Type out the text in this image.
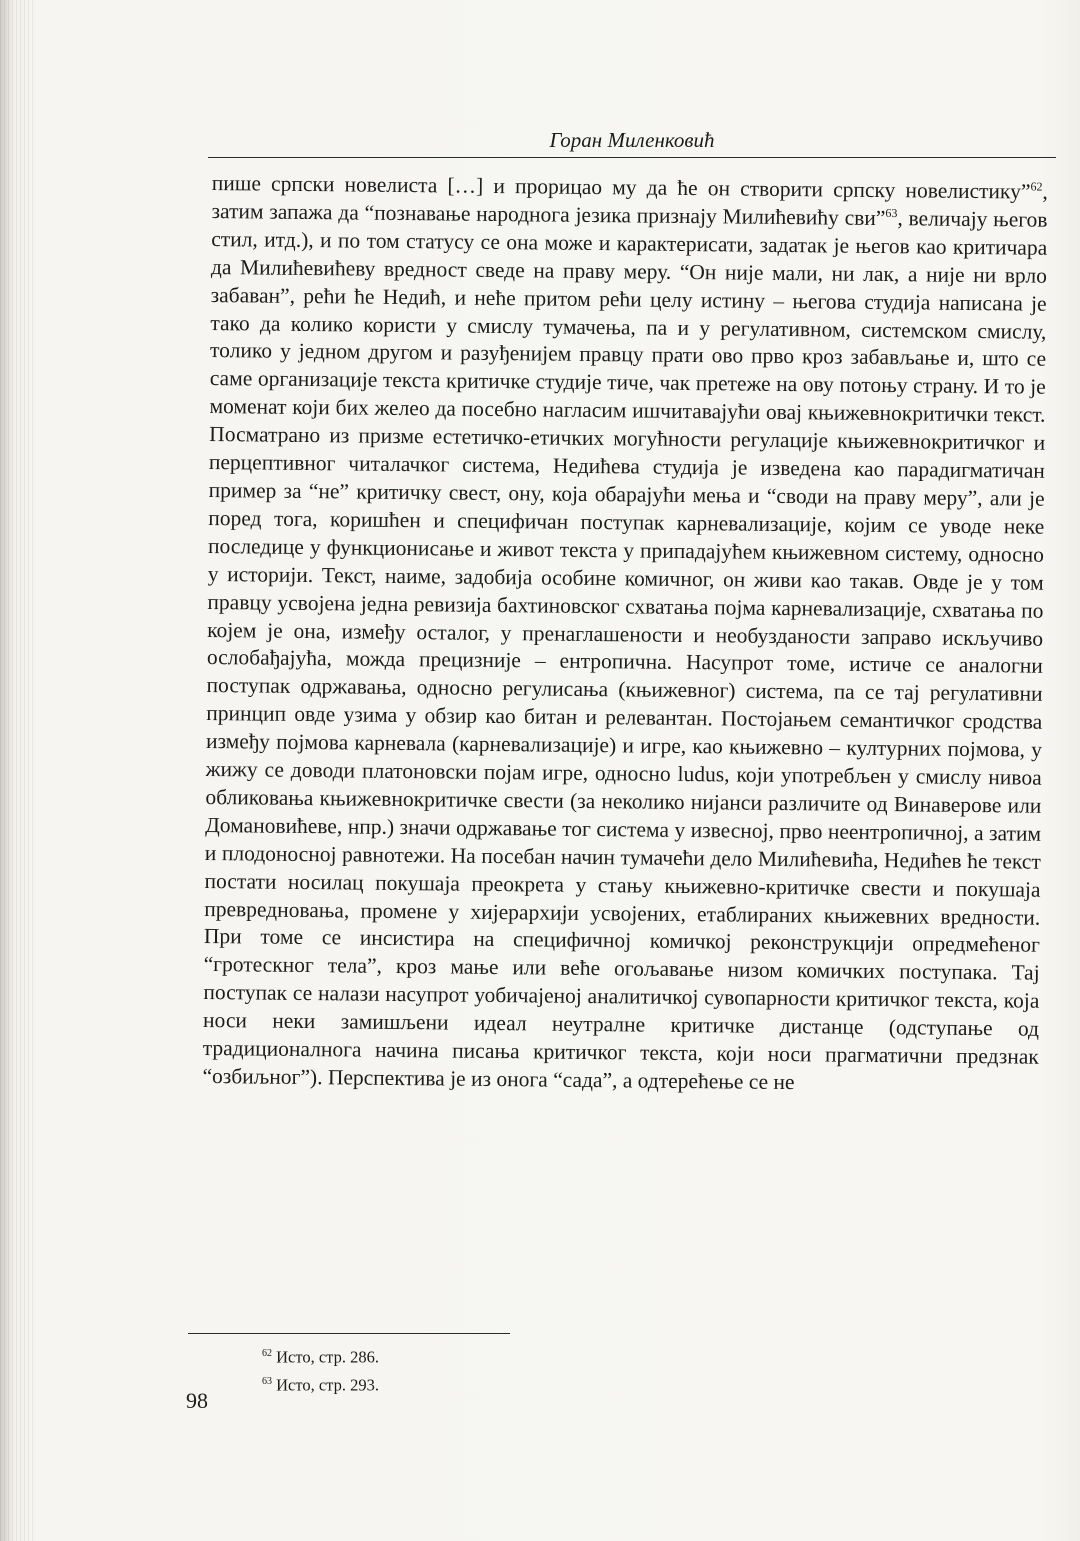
Горан Миленковић

пише српски новелиста […] и прорицао му да ће он створити српску новелистику”$^{62}$, затим запажа да “познавање народнога језика признају Милићевићу сви”$^{63}$, величају његов стил, итд.), и по том статусу се она може и карактерисати, задатак је његов као критичара да Милићевићеву вредност сведе на праву меру. “Он није мали, ни лак, а није ни врло забаван”, рећи ће Недић, и неће притом рећи целу истину – његова студија написана је тако да колико користи у смислу тумачења, па и у регулативном, системском смислу, толико у једном другом и разуђенијем правцу прати ово прво кроз забављање и, што се саме организације текста критичке студије тиче, чак претеже на ову потоњу страну. И то је моменат који бих желео да посебно нагласим ишчитавајући овај књижевнокритички текст. Посматрано из призме естетичко-етичких могућности регулације књижевнокритичког и перцептивног читалачког система, Недићева студија је изведена као парадигматичан пример за “не” критичку свест, ону, која обарајући мења и “своди на праву меру”, али је поред тога, коришћен и специфичан поступак карневализације, којим се уводе неке последице у функционисање и живот текста у припадајућем књижевном систему, односно у историји. Текст, наиме, задобија особине комичног, он живи као такав. Овде је у том правцу усвојена једна ревизија бахтиновског схватања појма карневализације, схватања по којем је она, између осталог, у пренаглашености и необузданости заправо искључиво ослобађајућа, можда прецизније – ентропична. Насупрот томе, истиче се аналогни поступак одржавања, односно регулисања (књижевног) система, па се тај регулативни принцип овде узима у обзир као битан и релевантан. Постојањем семантичког сродства између појмова карневала (карневализације) и игре, као књижевно – културних појмова, у жижу се доводи платоновски појам игре, односно ludus, који употребљен у смислу нивоа обликовања књижевнокритичке свести (за неколико нијанси различите од Винаверове или Домановићеве, нпр.) значи одржавање тог система у извесној, прво неентропичној, а затим и плодоносној равнотежи. На посебан начин тумачећи дело Милићевића, Недићев ће текст постати носилац покушаја преокрета у стању књижевно-критичке свести и покушаја превредновања, промене у хијерархији усвојених, етаблираних књижевних вредности. При томе се инсистира на специфичној комичкој реконструкцији опредмећеног “гротескног тела”, кроз мање или веће огољавање низом комичких поступака. Тај поступак се налази насупрот уобичајеној аналитичкој сувопарности критичког текста, која носи неки замишљени идеал неутралне критичке дистанце (одступање од традиционалнога начина писања критичког текста, који носи прагматични предзнак “озбиљног”). Перспектива је из онога “сада”, а одтерећење се не

$^{62}$ Исто, стр. 286.
$^{63}$ Исто, стр. 293.
98
